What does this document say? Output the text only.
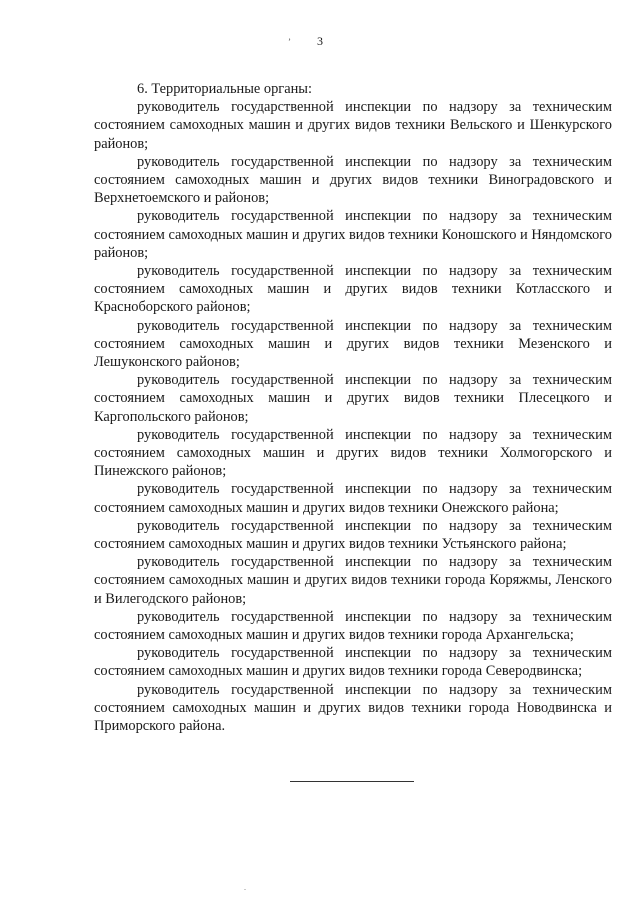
ʼ	3

6. Территориальные органы:

руководитель государственной инспекции по надзору за техническим состоянием самоходных машин и других видов техники Вельского и Шенкурского районов;

руководитель государственной инспекции по надзору за техническим состоянием самоходных машин и других видов техники Виноградовского и Верхнетоемского и районов;

руководитель государственной инспекции по надзору за техническим состоянием самоходных машин и других видов техники Коношского и Няндомского районов;

руководитель государственной инспекции по надзору за техническим состоянием самоходных машин и других видов техники Котласского и Красноборского районов;

руководитель государственной инспекции по надзору за техническим состоянием самоходных машин и других видов техники Мезенского и Лешуконского районов;

руководитель государственной инспекции по надзору за техническим состоянием самоходных машин и других видов техники Плесецкого и Каргопольского районов;

руководитель государственной инспекции по надзору за техническим состоянием самоходных машин и других видов техники Холмогорского и Пинежского районов;

руководитель государственной инспекции по надзору за техническим состоянием самоходных машин и других видов техники Онежского района;

руководитель государственной инспекции по надзору за техническим состоянием самоходных машин и других видов техники Устьянского района;

руководитель государственной инспекции по надзору за техническим состоянием самоходных машин и других видов техники города Коряжмы, Ленского и Вилегодского районов;

руководитель государственной инспекции по надзору за техническим состоянием самоходных машин и других видов техники города Архангельска;

руководитель государственной инспекции по надзору за техническим состоянием самоходных машин и других видов техники города Северодвинска;

руководитель государственной инспекции по надзору за техническим состоянием самоходных машин и других видов техники города Новодвинска и Приморского района.

.
